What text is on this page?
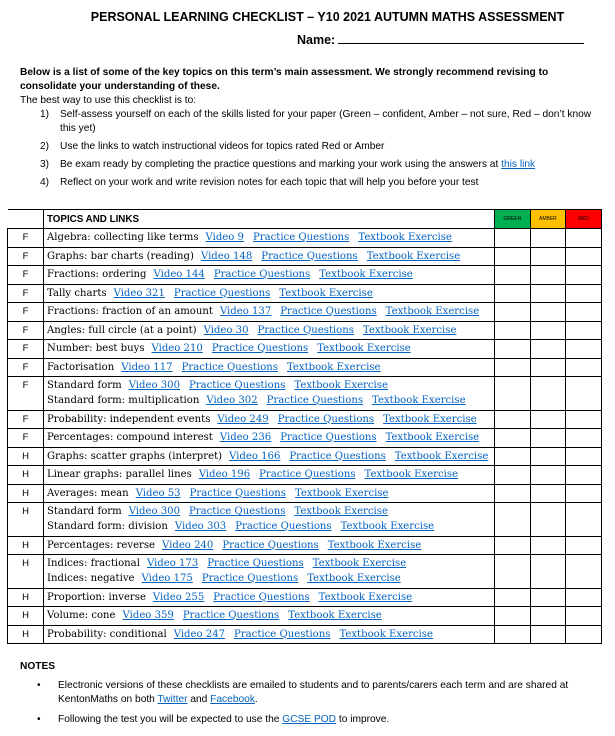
PERSONAL LEARNING CHECKLIST – Y10 2021 AUTUMN MATHS ASSESSMENT
Name:
Below is a list of some of the key topics on this term’s main assessment. We strongly recommend revising to consolidate your understanding of these.
The best way to use this checklist is to:
1)	Self-assess yourself on each of the skills listed for your paper (Green – confident, Amber – not sure, Red – don’t know this yet)
2)	Use the links to watch instructional videos for topics rated Red or Amber
3)	Be exam ready by completing the practice questions and marking your work using the answers at this link
4)	Reflect on your work and write revision notes for each topic that will help you before your test
	TOPICS AND LINKS	GREEN	AMBER	RED
F	Algebra: collecting like terms Video 9 Practice Questions Textbook Exercise			

F	Graphs: bar charts (reading) Video 148 Practice Questions Textbook Exercise			

F	Fractions: ordering Video 144 Practice Questions Textbook Exercise			

F	Tally charts Video 321 Practice Questions Textbook Exercise			

F	Fractions: fraction of an amount Video 137 Practice Questions Textbook Exercise			

F	Angles: full circle (at a point) Video 30 Practice Questions Textbook Exercise			

F	Number: best buys Video 210 Practice Questions Textbook Exercise			

F	Factorisation Video 117 Practice Questions Textbook Exercise			

F	Standard form Video 300 Practice Questions Textbook Exercise
Standard form: multiplication Video 302 Practice Questions Textbook Exercise			

F	Probability: independent events Video 249 Practice Questions Textbook Exercise			

F	Percentages: compound interest Video 236 Practice Questions Textbook Exercise			

H	Graphs: scatter graphs (interpret) Video 166 Practice Questions Textbook Exercise			

H	Linear graphs: parallel lines Video 196 Practice Questions Textbook Exercise			

H	Averages: mean Video 53 Practice Questions Textbook Exercise			

H	Standard form Video 300 Practice Questions Textbook Exercise
Standard form: division Video 303 Practice Questions Textbook Exercise			

H	Percentages: reverse Video 240 Practice Questions Textbook Exercise			

H	Indices: fractional Video 173 Practice Questions Textbook Exercise
Indices: negative Video 175 Practice Questions Textbook Exercise			

H	Proportion: inverse Video 255 Practice Questions Textbook Exercise			

H	Volume: cone Video 359 Practice Questions Textbook Exercise			

H	Probability: conditional Video 247 Practice Questions Textbook Exercise			

NOTES
•	Electronic versions of these checklists are emailed to students and to parents/carers each term and are shared at KentonMaths on both Twitter and Facebook.
•	Following the test you will be expected to use the GCSE POD to improve.
